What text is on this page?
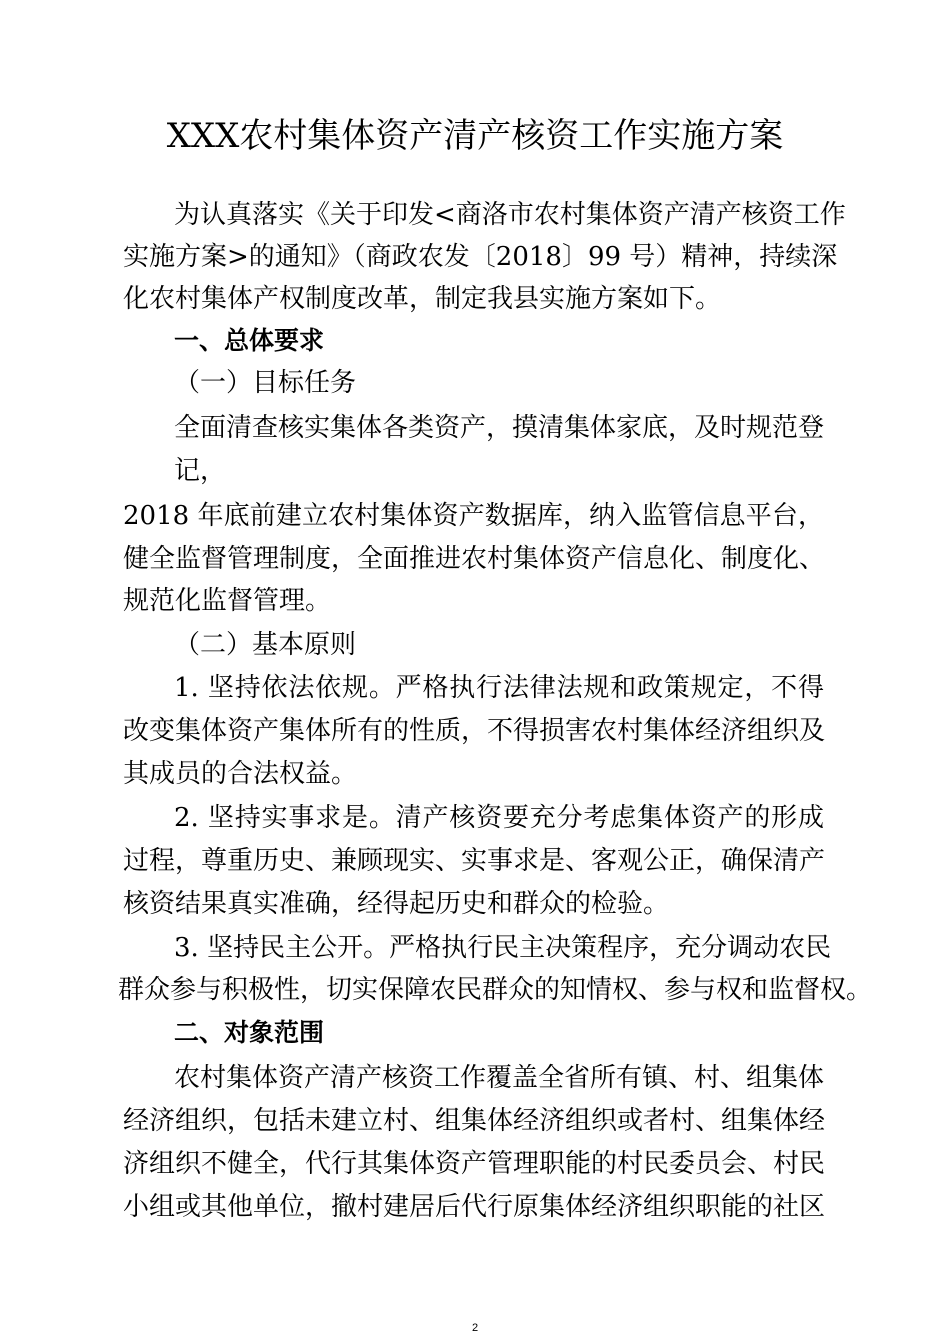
XXX农村集体资产清产核资工作实施方案
为认真落实《关于印发<商洛市农村集体资产清产核资工作
实施方案>的通知》（商政农发〔2018〕99 号）精神，持续深
化农村集体产权制度改革，制定我县实施方案如下。
一、总体要求
（一）目标任务
全面清查核实集体各类资产，摸清集体家底，及时规范登
记，
2018 年底前建立农村集体资产数据库，纳入监管信息平台，
健全监督管理制度，全面推进农村集体资产信息化、制度化、
规范化监督管理。
（二）基本原则
1. 坚持依法依规。严格执行法律法规和政策规定，不得
改变集体资产集体所有的性质，不得损害农村集体经济组织及
其成员的合法权益。
2. 坚持实事求是。清产核资要充分考虑集体资产的形成
过程，尊重历史、兼顾现实、实事求是、客观公正，确保清产
核资结果真实准确，经得起历史和群众的检验。
3. 坚持民主公开。严格执行民主决策程序，充分调动农民
群众参与积极性，切实保障农民群众的知情权、参与权和监督权。
二、对象范围
农村集体资产清产核资工作覆盖全省所有镇、村、组集体
经济组织，包括未建立村、组集体经济组织或者村、组集体经
济组织不健全，代行其集体资产管理职能的村民委员会、村民
小组或其他单位，撤村建居后代行原集体经济组织职能的社区
2
